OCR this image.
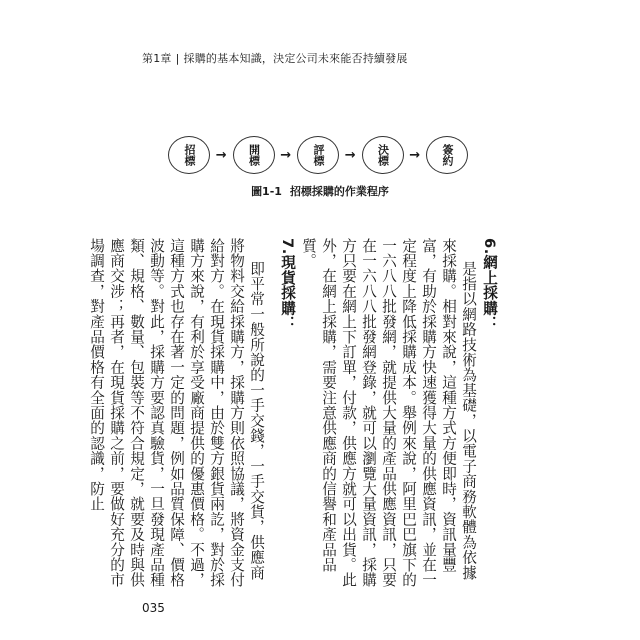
第1章 | 採購的基本知識，決定公司未來能否持續發展
招標 → 開標 → 評標 → 決標 → 簽約
圖1-1 招標採購的作業程序
6.網上採購：

是指以網路技術為基礎，以電子商務軟體為依據來採購。相對來說，這種方式方便即時，資訊量豐富，有助於採購方快速獲得大量的供應資訊，並在一定程度上降低採購成本。舉例來說，阿里巴巴旗下的一六八八批發網，就提供大量的產品供應資訊，只要在一六八八批發網登錄，就可以瀏覽大量資訊，採購方只要在網上下訂單，付款，供應方就可以出貨。此外，在網上採購，需要注意供應商的信譽和產品品質。

7.現貨採購：

即平常一般所說的一手交錢，一手交貨，供應商將物料交給採購方，採購方則依照協議，將資金支付給對方。在現貨採購中，由於雙方銀貨兩訖，對於採購方來說，有利於享受廠商提供的優惠價格。不過，這種方式也存在著一定的問題，例如品質保障、價格波動等。對此，採購方要認真驗貨，一旦發現產品種類、規格、數量、包裝等不符合規定，就要及時與供應商交涉；再者，在現貨採購之前，要做好充分的市場調查，對產品價格有全面的認識，防止

035
